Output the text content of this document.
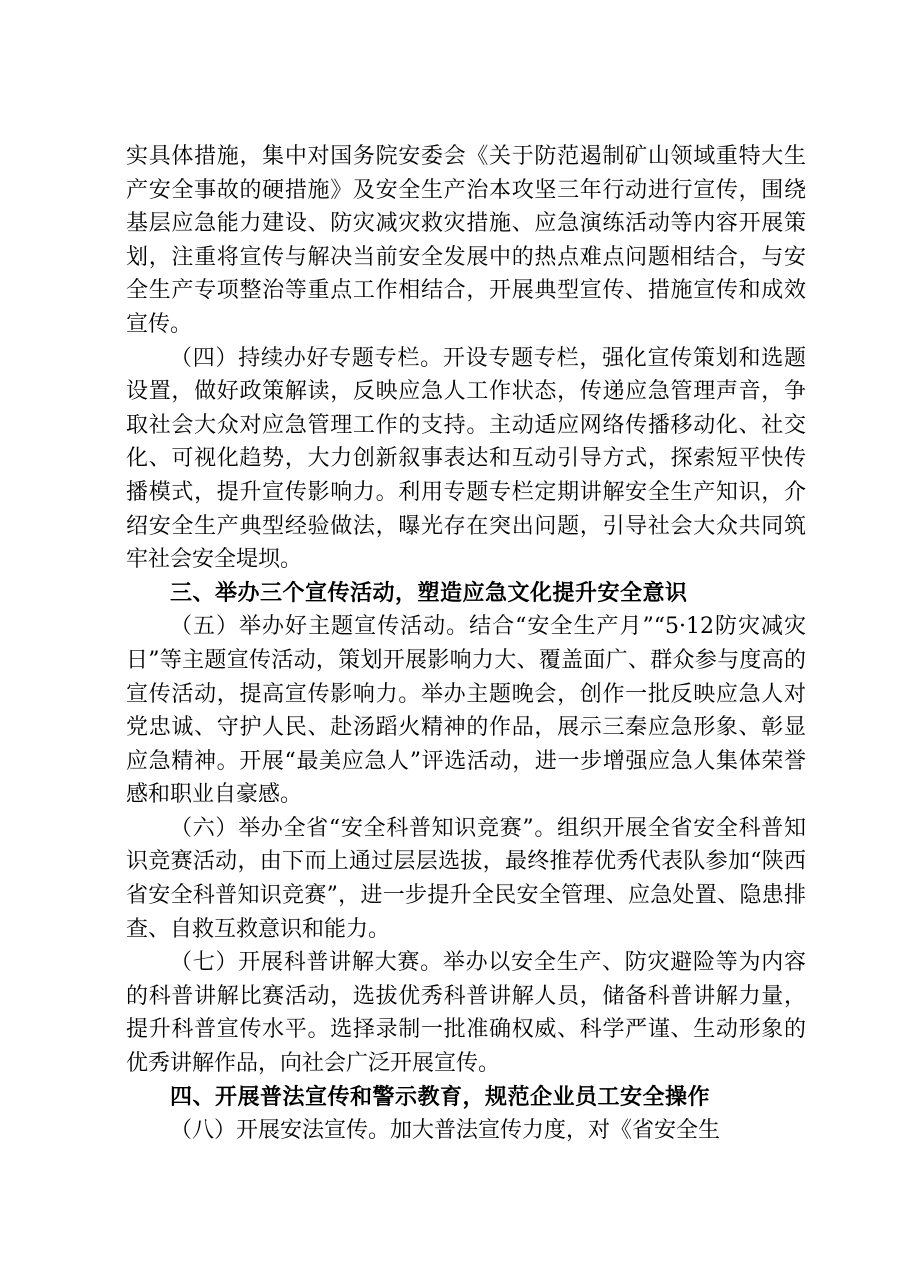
实具体措施，集中对国务院安委会《关于防范遏制矿山领域重特大生产安全事故的硬措施》及安全生产治本攻坚三年行动进行宣传，围绕基层应急能力建设、防灾减灾救灾措施、应急演练活动等内容开展策划，注重将宣传与解决当前安全发展中的热点难点问题相结合，与安全生产专项整治等重点工作相结合，开展典型宣传、措施宣传和成效宣传。

（四）持续办好专题专栏。开设专题专栏，强化宣传策划和选题设置，做好政策解读，反映应急人工作状态，传递应急管理声音，争取社会大众对应急管理工作的支持。主动适应网络传播移动化、社交化、可视化趋势，大力创新叙事表达和互动引导方式，探索短平快传播模式，提升宣传影响力。利用专题专栏定期讲解安全生产知识，介绍安全生产典型经验做法，曝光存在突出问题，引导社会大众共同筑牢社会安全堤坝。

三、举办三个宣传活动，塑造应急文化提升安全意识

（五）举办好主题宣传活动。结合“安全生产月”“5·12防灾减灾日”等主题宣传活动，策划开展影响力大、覆盖面广、群众参与度高的宣传活动，提高宣传影响力。举办主题晚会，创作一批反映应急人对党忠诚、守护人民、赴汤蹈火精神的作品，展示三秦应急形象、彰显应急精神。开展“最美应急人”评选活动，进一步增强应急人集体荣誉感和职业自豪感。

（六）举办全省“安全科普知识竞赛”。组织开展全省安全科普知识竞赛活动，由下而上通过层层选拔，最终推荐优秀代表队参加“陕西省安全科普知识竞赛”，进一步提升全民安全管理、应急处置、隐患排查、自救互救意识和能力。

（七）开展科普讲解大赛。举办以安全生产、防灾避险等为内容的科普讲解比赛活动，选拔优秀科普讲解人员，储备科普讲解力量，提升科普宣传水平。选择录制一批准确权威、科学严谨、生动形象的优秀讲解作品，向社会广泛开展宣传。

四、开展普法宣传和警示教育，规范企业员工安全操作

（八）开展安法宣传。加大普法宣传力度，对《省安全生
